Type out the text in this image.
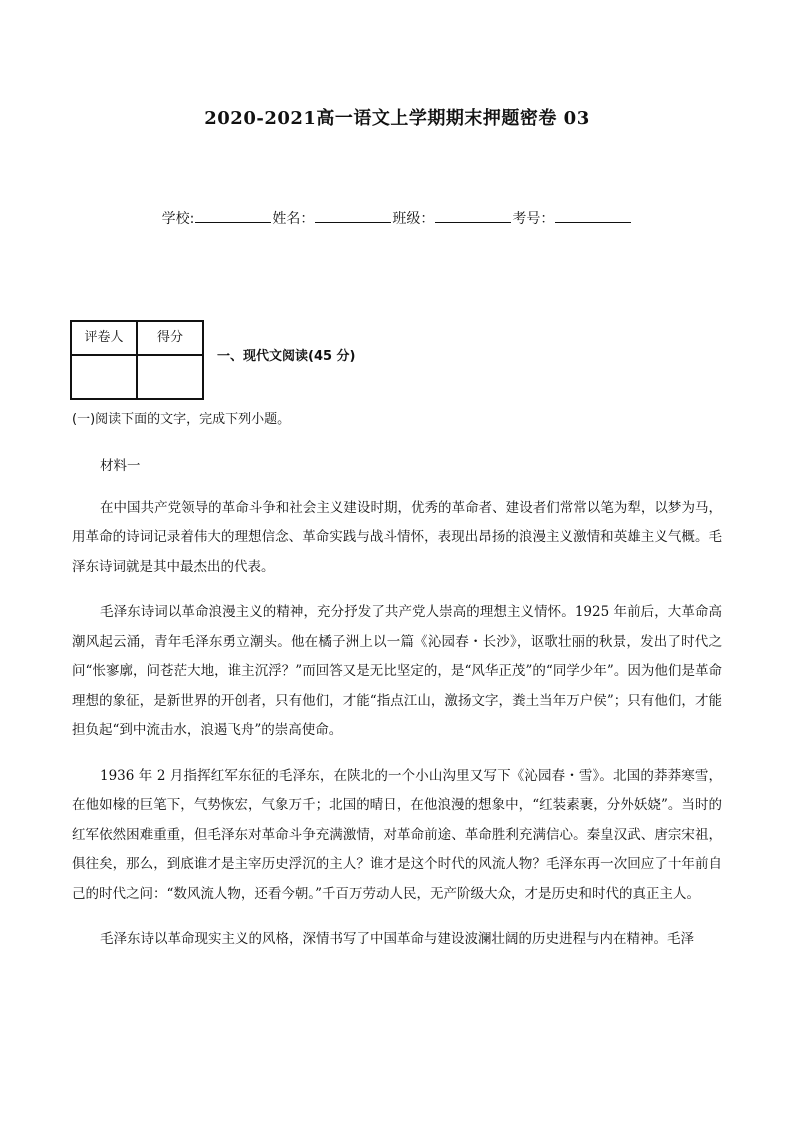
2020-2021高一语文上学期期末押题密卷 03
学校:	姓名：	班级：	考号：
评卷人	得分

一、现代文阅读(45 分)
(一)阅读下面的文字，完成下列小题。

材料一

在中国共产党领导的革命斗争和社会主义建设时期，优秀的革命者、建设者们常常以笔为犁，以梦为马，用革命的诗词记录着伟大的理想信念、革命实践与战斗情怀，表现出昂扬的浪漫主义激情和英雄主义气概。毛泽东诗词就是其中最杰出的代表。

毛泽东诗词以革命浪漫主义的精神，充分抒发了共产党人崇高的理想主义情怀。1925 年前后，大革命高潮风起云涌，青年毛泽东勇立潮头。他在橘子洲上以一篇《沁园春・长沙》，讴歌壮丽的秋景，发出了时代之问“怅寥廓，问苍茫大地，谁主沉浮？”而回答又是无比坚定的，是“风华正茂”的“同学少年”。因为他们是革命理想的象征，是新世界的开创者，只有他们，才能“指点江山，激扬文字，粪土当年万户侯”；只有他们，才能担负起“到中流击水，浪遏飞舟”的崇高使命。

1936 年 2 月指挥红军东征的毛泽东，在陕北的一个小山沟里又写下《沁园春・雪》。北国的莽莽寒雪，在他如椽的巨笔下，气势恢宏，气象万千；北国的晴日，在他浪漫的想象中，“红装素裹，分外妖娆”。当时的红军依然困难重重，但毛泽东对革命斗争充满激情，对革命前途、革命胜利充满信心。秦皇汉武、唐宗宋祖，俱往矣，那么，到底谁才是主宰历史浮沉的主人？谁才是这个时代的风流人物？毛泽东再一次回应了十年前自己的时代之问：“数风流人物，还看今朝。”千百万劳动人民，无产阶级大众，才是历史和时代的真正主人。

毛泽东诗以革命现实主义的风格，深情书写了中国革命与建设波澜壮阔的历史进程与内在精神。毛泽
